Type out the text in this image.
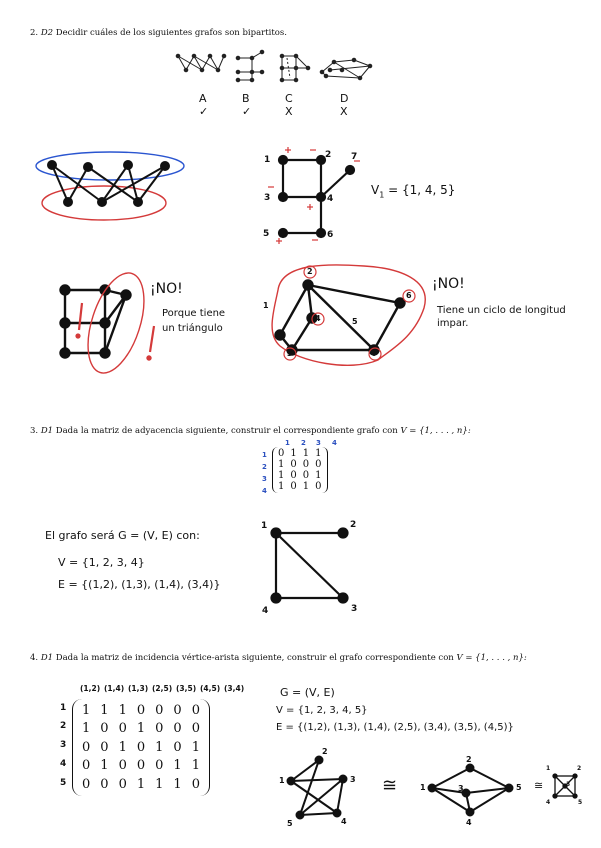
2. D2 Decidir cuáles de los siguientes grafos son bipartitos.
A	B	C	D
✓	✓	X	X
1	2
3	4
5	6
7
$V_1 = \{1$, 4, 5}
¡NO!
Porque tiene
un triángulo
¡NO!
Tiene un ciclo de longitud
impar.
1
2
3
4	5
6
7
3. D1 Dada la matriz de adyacencia siguiente, construir el correspondiente grafo con V = {1, . . . , n}:
1 2 3 4
1
2
3
4
0	1	1	1
1	0	0	0
1	0	0	1
1	0	1	0
El grafo será G = (V, E) con:
V = {1, 2, 3, 4}
E = {(1,2), (1,3), (1,4), (3,4)}
1	2
3
4
4. D1 Dada la matriz de incidencia vértice-arista siguiente, construir el grafo correspondiente con V = {1, . . . , n}:
(1,2) (1,4) (1,3) (2,5) (3,5) (4,5) (3,4)
1
2
3
4
5
1	1	1	0	0	0	0
1	0	0	1	0	0	0
0	0	1	0	1	0	1
0	1	0	0	0	1	1
0	0	0	1	1	1	0
G = (V, E)
V = {1, 2, 3, 4, 5}
E = {(1,2), (1,3), (1,4), (2,5), (3,4), (3,5), (4,5)}
1
2
3
4
5
≅	1
2
3
4
5 ≅
1	2
3
4	5
